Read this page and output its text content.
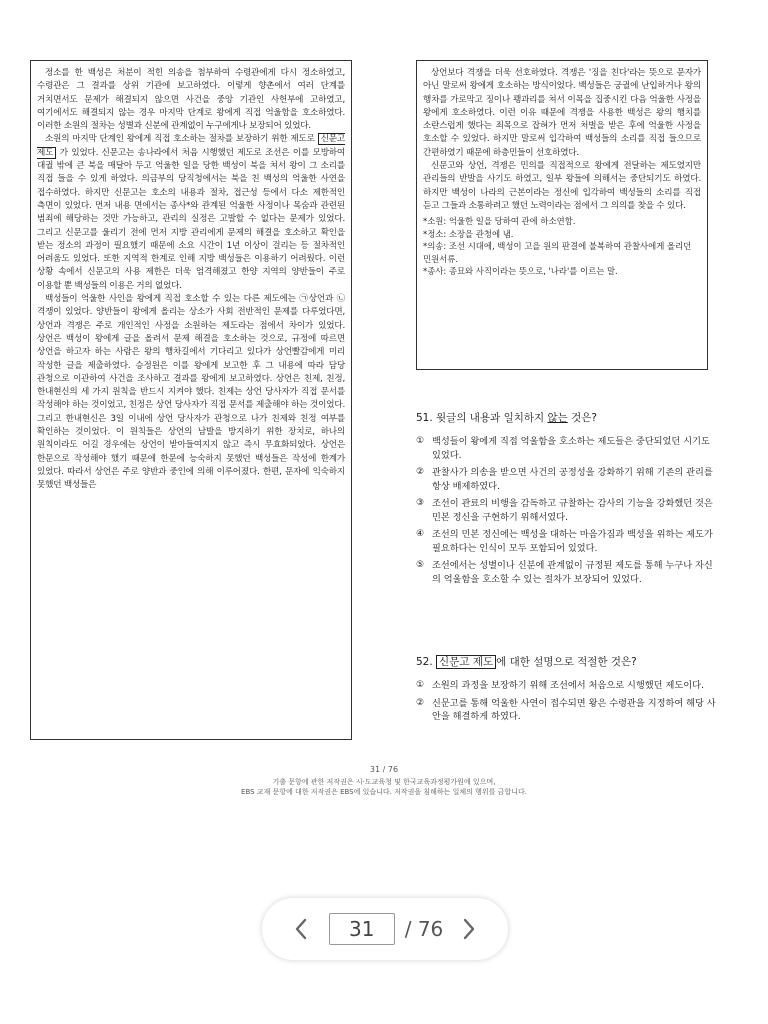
정소를 한 백성은 처분이 적힌 의송을 첨부하여 수령관에게 다시 정소하였고, 수령관은 그 결과를 상위 기관에 보고하였다. 이렇게 향촌에서 여러 단계를 거치면서도 문제가 해결되지 않으면 사건을 중앙 기관인 사헌부에 고하였고, 여기에서도 해결되지 않는 경우 마지막 단계로 왕에게 직접 억울함을 호소하였다. 이러한 소원의 절차는 성별과 신분에 관계없이 누구에게나 보장되어 있었다.

소원의 마지막 단계인 왕에게 직접 호소하는 절차를 보장하기 위한 제도로 신문고 제도 가 있었다. 신문고는 송나라에서 처음 시행했던 제도로 조선은 이를 모방하여 대궐 밖에 큰 북을 매달아 두고 억울한 일을 당한 백성이 북을 쳐서 왕이 그 소리를 직접 들을 수 있게 하였다. 의금부의 당직청에서는 북을 친 백성의 억울한 사연을 접수하였다. 하지만 신문고는 호소의 내용과 절차, 접근성 등에서 다소 제한적인 측면이 있었다. 먼저 내용 면에서는 종사*와 관계된 억울한 사정이나 목숨과 관련된 범죄에 해당하는 것만 가능하고, 관리의 실정은 고발할 수 없다는 문제가 있었다. 그리고 신문고를 울리기 전에 먼저 지방 관리에게 문제의 해결을 호소하고 확인을 받는 정소의 과정이 필요했기 때문에 소요 시간이 1년 이상이 걸리는 등 절차적인 어려움도 있었다. 또한 지역적 한계로 인해 지방 백성들은 이용하기 어려웠다. 이런 상황 속에서 신문고의 사용 제한은 더욱 엄격해졌고 한양 지역의 양반들이 주로 이용할 뿐 백성들의 이용은 거의 없었다.

백성들이 억울한 사인을 왕에게 직접 호소할 수 있는 다른 제도에는 ㉠상언과 ㉡격쟁이 있었다. 양반들이 왕에게 올리는 상소가 사회 전반적인 문제를 다루었다면, 상언과 격쟁은 주로 개인적인 사정을 소원하는 제도라는 점에서 차이가 있었다. 상언은 백성이 왕에게 글을 올려서 문제 해결을 호소하는 것으로, 규정에 따르면 상언을 하고자 하는 사람은 왕의 행차길에서 기다리고 있다가 상언빨감에게 미리 작성한 글을 제출하였다. 승정원은 이를 왕에게 보고한 후 그 내용에 따라 담당 관청으로 이관하여 사건을 조사하고 결과를 왕에게 보고하였다. 상언은 친제, 친정, 한내현신의 세 가지 원칙을 반드시 지켜야 했다. 친제는 상언 당사자가 직접 문서를 작성해야 하는 것이었고, 친정은 상언 당사자가 직접 문서를 제출해야 하는 것이었다. 그리고 한내현신은 3일 이내에 상언 당사자가 관청으로 나가 친제와 친정 여부를 확인하는 것이었다. 이 원칙들은 상언의 남발을 방지하기 위한 장치로, 하나의 원칙이라도 어길 경우에는 상언이 받아들여지지 않고 즉시 무효화되었다. 상언은 한문으로 작성해야 했기 때문에 한문에 능숙하지 못했던 백성들은 작성에 한계가 있었다. 따라서 상언은 주로 양반과 중인에 의해 이루어졌다. 한편, 문자에 익숙하지 못했던 백성들은

상언보다 격쟁을 더욱 선호하였다. 격쟁은 '징을 친다'라는 뜻으로 문자가 아닌 말로써 왕에게 호소하는 방식이었다. 백성들은 궁궐에 난입하거나 왕의 행차를 가로막고 징이나 꽹과리를 쳐서 이목을 집중시킨 다음 억울한 사정을 왕에게 호소하였다. 이런 이유 때문에 격쟁을 사용한 백성은 왕의 행치를 소란스럽게 했다는 죄목으로 잡혀가 먼저 처벌을 받은 후에 억울한 사정을 호소할 수 있었다. 하지만 말로써 입각하여 백성들의 소리를 직접 들으므로 간편하였기 때문에 하층민들이 선호하였다.

신문고와 상언, 격쟁은 민의를 직접적으로 왕에게 전달하는 제도였지만 관리들의 반발을 사기도 하였고, 일부 왕들에 의해서는 중단되기도 하였다. 하지만 백성이 나라의 근본이라는 정신에 입각하여 백성들의 소리를 직접 듣고 그들과 소통하려고 했던 노력이라는 점에서 그 의의를 찾을 수 있다.

*소원: 억울한 일을 당하여 관에 하소연함.
*정소: 소장을 관청에 냄.
*의송: 조선 시대에, 백성이 고을 원의 판결에 불복하여 관찰사에게 올리던 민원서류.
*종사: 종묘와 사직이라는 뜻으로, '나라'를 이르는 말.
51. 윗글의 내용과 일치하지 않는 것은?
① 백성들이 왕에게 직접 억울함을 호소하는 제도들은 중단되었던 시기도 있었다.
② 관찰사가 의송을 받으면 사건의 공정성을 강화하기 위해 기존의 관리를 항상 배제하였다.
③ 조선이 관료의 비행을 감독하고 규찰하는 감사의 기능을 강화했던 것은 민본 정신을 구현하기 위해서였다.
④ 조선의 민본 정신에는 백성을 대하는 마음가짐과 백성을 위하는 제도가 필요하다는 인식이 모두 포함되어 있었다.
⑤ 조선에서는 성별이나 신분에 관계없이 규정된 제도를 통해 누구나 자신의 억울함을 호소할 수 있는 절차가 보장되어 있었다.
52. 신문고 제도 에 대한 설명으로 적절한 것은?
① 소원의 과정을 보장하기 위해 조선에서 처음으로 시행했던 제도이다.
② 신문고를 통해 억울한 사연이 접수되면 왕은 수령관을 지정하여 해당 사안을 해결하게 하였다.
31 / 76
기출 문항에 관한 저작권은 시·도교육청 및 한국교육과정평가원에 있으며,
EBS 교재 문항에 대한 저작권은 EBS에 있습니다. 저작권을 침해하는 일체의 행위를 금합니다.
31
/ 76
